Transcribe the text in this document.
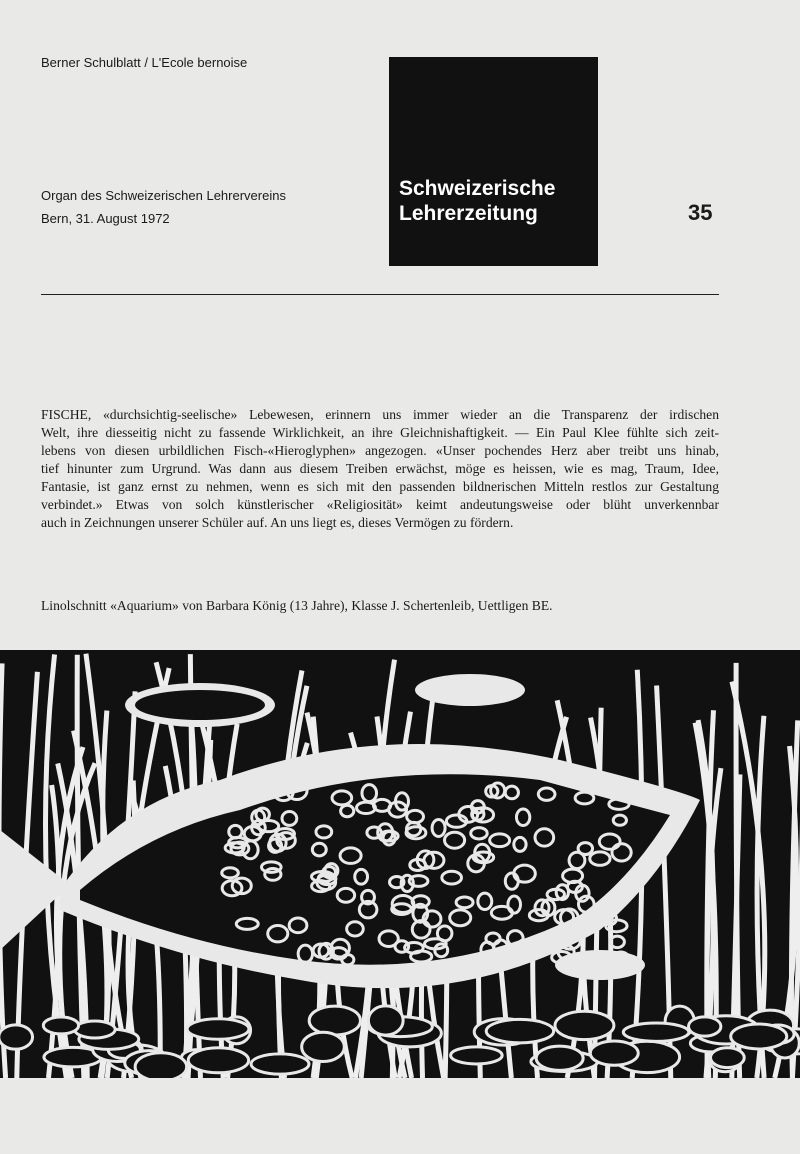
Berner Schulblatt / L'Ecole bernoise
Organ des Schweizerischen Lehrervereins
Bern, 31. August 1972
Schweizerische
Lehrerzeitung	35
FISCHE, «durchsichtig-seelische» Lebewesen, erinnern uns immer wieder an die Transparenz der irdischen
Welt, ihre diesseitig nicht zu fassende Wirklichkeit, an ihre Gleichnishaftigkeit. — Ein Paul Klee fühlte sich zeit-
lebens von diesen urbildlichen Fisch-«Hieroglyphen» angezogen. «Unser pochendes Herz aber treibt uns hinab,
tief hinunter zum Urgrund. Was dann aus diesem Treiben erwächst, möge es heissen, wie es mag, Traum, Idee,
Fantasie, ist ganz ernst zu nehmen, wenn es sich mit den passenden bildnerischen Mitteln restlos zur Gestaltung
verbindet.» Etwas von solch künstlerischer «Religiosität» keimt andeutungsweise oder blüht unverkennbar
auch in Zeichnungen unserer Schüler auf. An uns liegt es, dieses Vermögen zu fördern.
Linolschnitt «Aquarium» von Barbara König (13 Jahre), Klasse J. Schertenleib, Uettligen BE.
